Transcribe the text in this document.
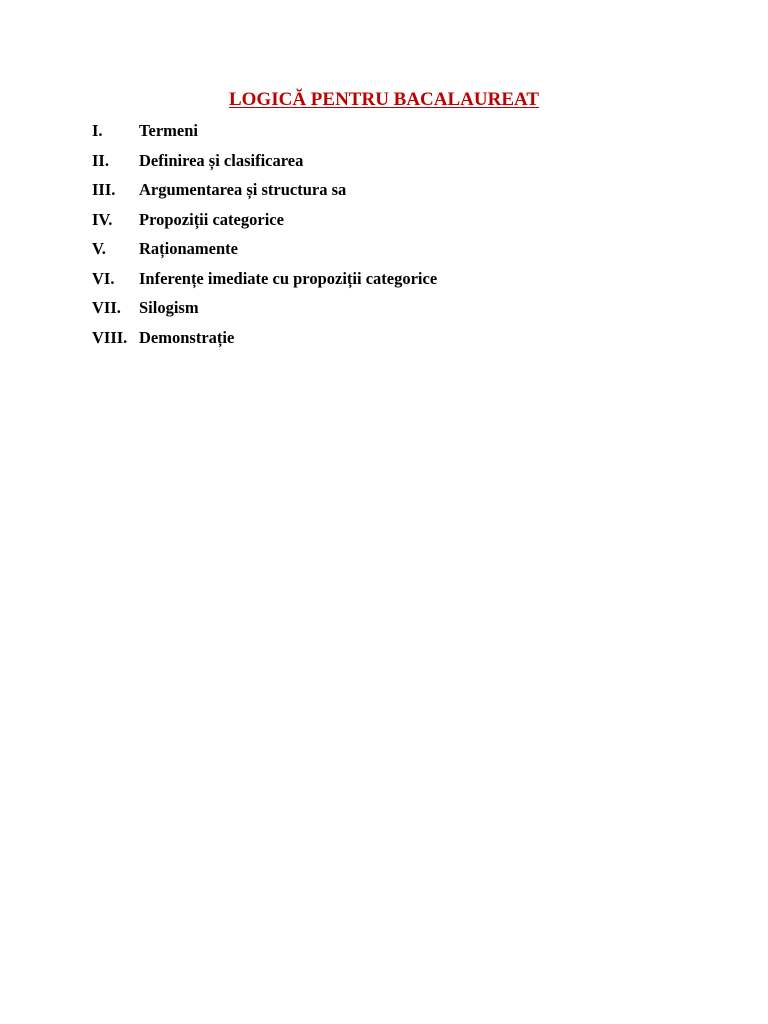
LOGICĂ PENTRU BACALAUREAT
I.	Termeni
II.	Definirea și clasificarea
III.	Argumentarea și structura sa
IV.	Propoziții categorice
V.	Raționamente
VI.	Inferențe imediate cu propoziții categorice
VII.	Silogism
VIII. Demonstrație
